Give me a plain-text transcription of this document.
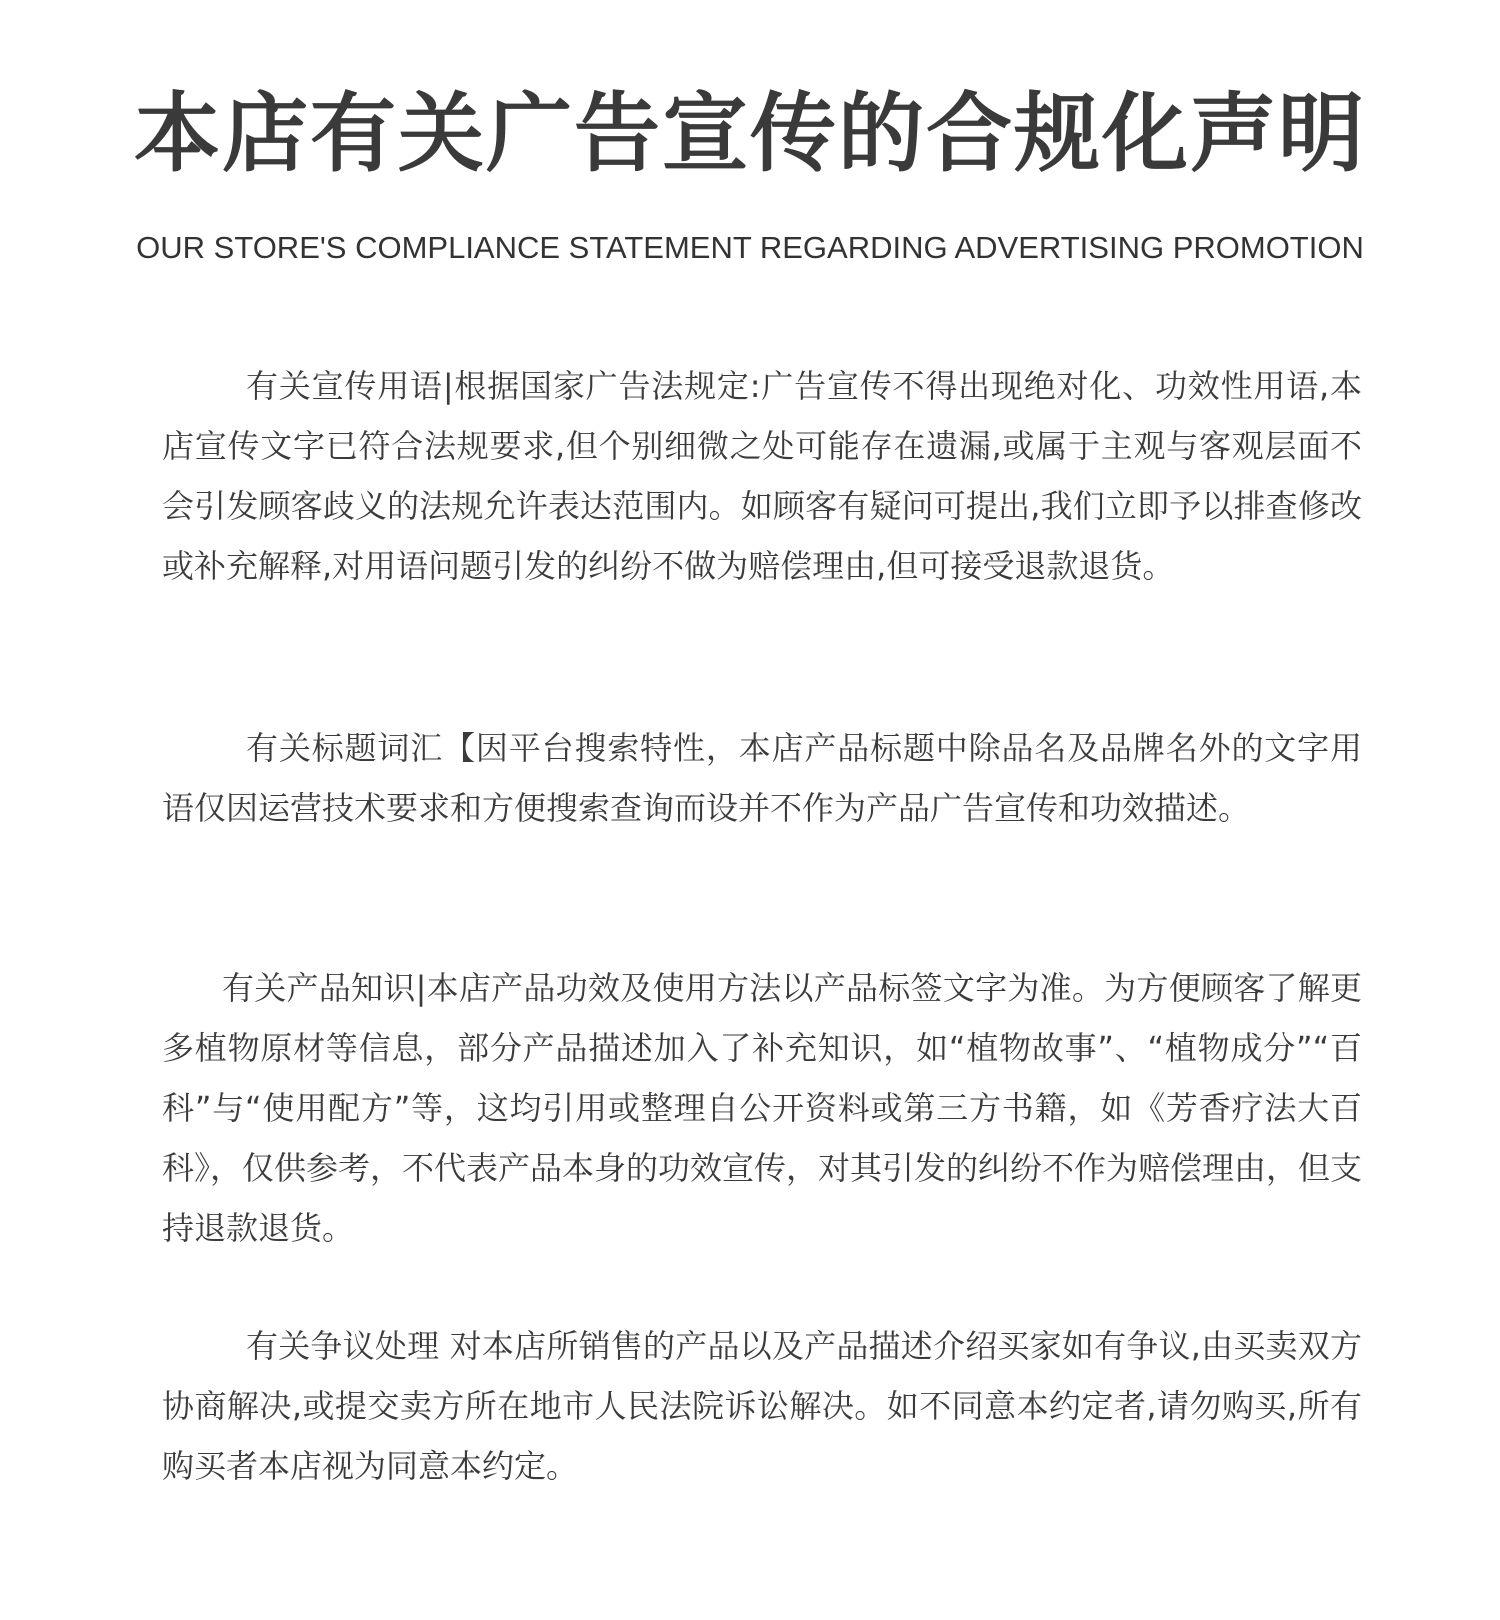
本店有关广告宣传的合规化声明

OUR STORE'S COMPLIANCE STATEMENT REGARDING ADVERTISING PROMOTION

有关宣传用语|根据国家广告法规定:广告宣传不得出现绝对化、功效性用语,本店宣传文字已符合法规要求,但个别细微之处可能存在遗漏,或属于主观与客观层面不会引发顾客歧义的法规允许表达范围内。如顾客有疑问可提出,我们立即予以排查修改或补充解释,对用语问题引发的纠纷不做为赔偿理由,但可接受退款退货。

有关标题词汇【因平台搜索特性，本店产品标题中除品名及品牌名外的文字用语仅因运营技术要求和方便搜索查询而设并不作为产品广告宣传和功效描述。

有关产品知识|本店产品功效及使用方法以产品标签文字为准。为方便顾客了解更多植物原材等信息，部分产品描述加入了补充知识，如“植物故事”、“植物成分”“百科”与“使用配方”等，这均引用或整理自公开资料或第三方书籍，如《芳香疗法大百科》，仅供参考，不代表产品本身的功效宣传，对其引发的纠纷不作为赔偿理由，但支持退款退货。

有关争议处理 对本店所销售的产品以及产品描述介绍买家如有争议,由买卖双方协商解决,或提交卖方所在地市人民法院诉讼解决。如不同意本约定者,请勿购买,所有购买者本店视为同意本约定。
